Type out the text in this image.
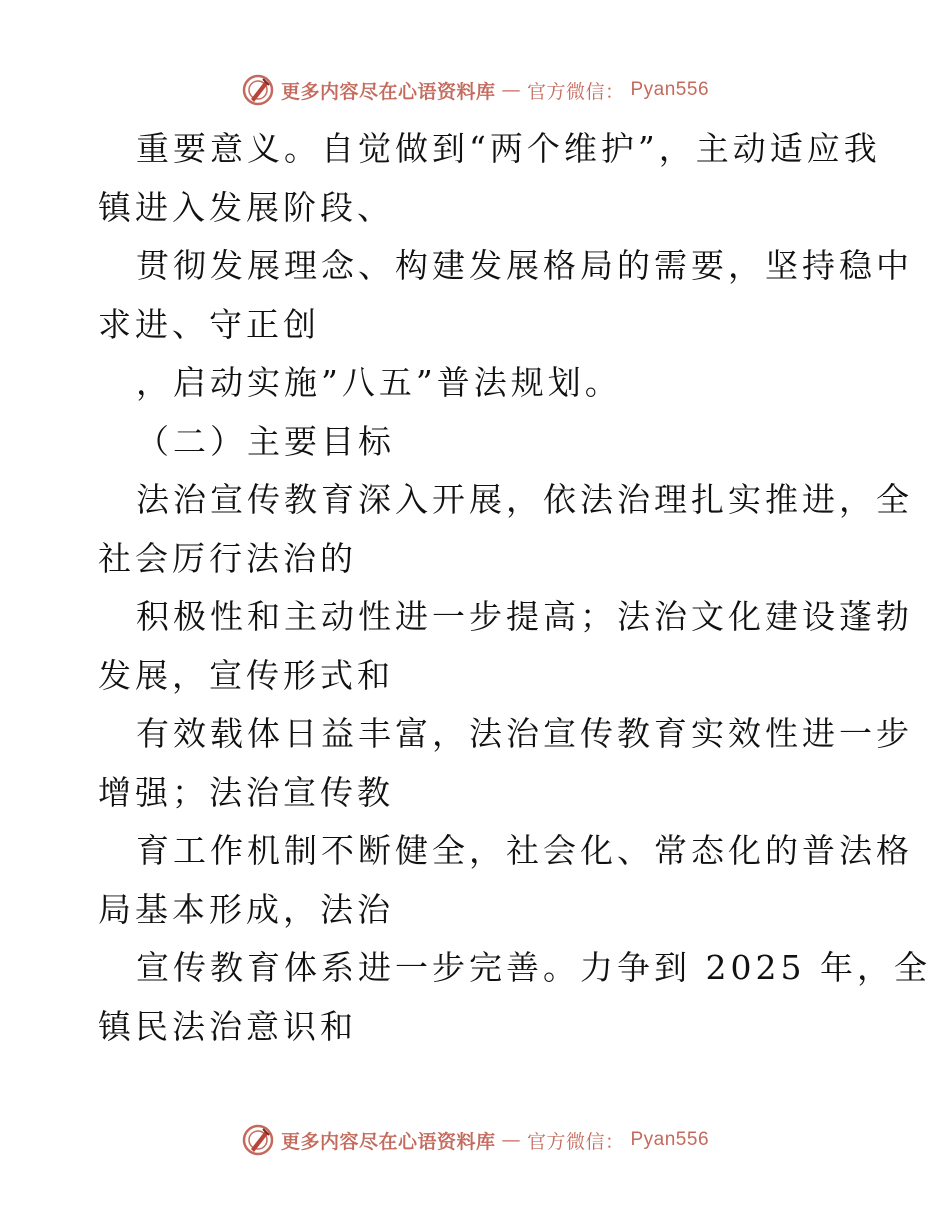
更多内容尽在心语资料库 — 官方微信： Pyan556
重要意义。自觉做到“两个维护”，主动适应我
镇进入发展阶段、
贯彻发展理念、构建发展格局的需要，坚持稳中
求进、守正创
，启动实施”八五”普法规划。
（二）主要目标
法治宣传教育深入开展，依法治理扎实推进，全
社会厉行法治的
积极性和主动性进一步提高；法治文化建设蓬勃
发展，宣传形式和
有效载体日益丰富，法治宣传教育实效性进一步
增强；法治宣传教
育工作机制不断健全，社会化、常态化的普法格
局基本形成，法治
宣传教育体系进一步完善。力争到 2025 年，全
镇民法治意识和
更多内容尽在心语资料库 — 官方微信： Pyan556
